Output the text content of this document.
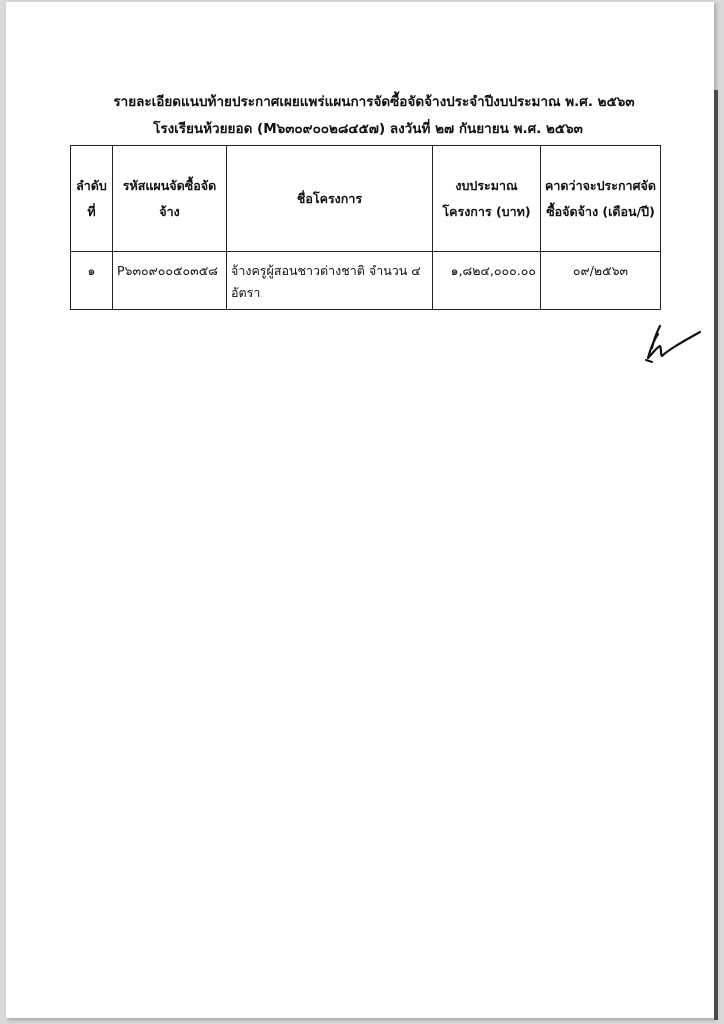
รายละเอียดแนบท้ายประกาศเผยแพร่แผนการจัดซื้อจัดจ้างประจำปีงบประมาณ พ.ศ. ๒๕๖๓
โรงเรียนห้วยยอด (M๖๓๐๙๐๐๒๘๔๕๗) ลงวันที่ ๒๗ กันยายน พ.ศ. ๒๕๖๓
ลำดับที่	รหัสแผนจัดซื้อจัดจ้าง	ชื่อโครงการ	งบประมาณโครงการ (บาท)	คาดว่าจะประกาศจัดซื้อจัดจ้าง (เดือน/ปี)
๑	P๖๓๐๙๐๐๕๐๓๕๘	จ้างครูผู้สอนชาวต่างชาติ จำนวน ๔ อัตรา	๑,๘๒๔,๐๐๐.๐๐	๐๙/๒๕๖๓
